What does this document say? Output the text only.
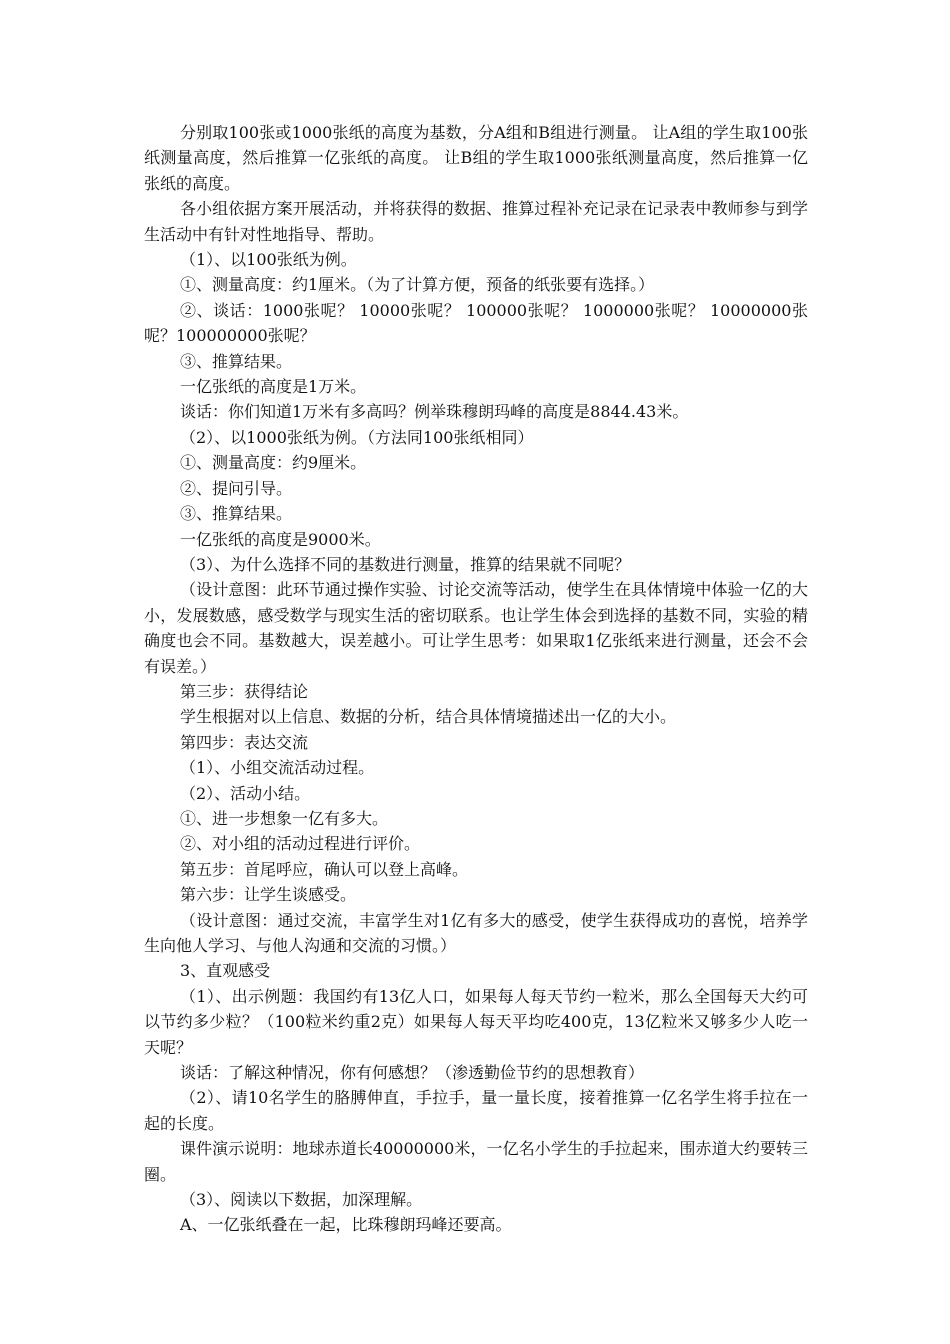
分别取100张或1000张纸的高度为基数，分A组和B组进行测量。 让A组的学生取100张纸测量高度，然后推算一亿张纸的高度。 让B组的学生取1000张纸测量高度，然后推算一亿张纸的高度。

各小组依据方案开展活动，并将获得的数据、推算过程补充记录在记录表中教师参与到学生活动中有针对性地指导、帮助。

（1）、以100张纸为例。

①、测量高度：约1厘米。（为了计算方便，预备的纸张要有选择。）

②、谈话：1000张呢？ 10000张呢？ 100000张呢？ 1000000张呢？ 10000000张呢？100000000张呢？

③、推算结果。

一亿张纸的高度是1万米。

谈话：你们知道1万米有多高吗？例举珠穆朗玛峰的高度是8844.43米。

（2）、以1000张纸为例。（方法同100张纸相同）

①、测量高度：约9厘米。

②、提问引导。

③、推算结果。

一亿张纸的高度是9000米。

（3）、为什么选择不同的基数进行测量，推算的结果就不同呢？

（设计意图：此环节通过操作实验、讨论交流等活动，使学生在具体情境中体验一亿的大小，发展数感，感受数学与现实生活的密切联系。也让学生体会到选择的基数不同，实验的精确度也会不同。基数越大，误差越小。可让学生思考：如果取1亿张纸来进行测量，还会不会有误差。）

第三步：获得结论

学生根据对以上信息、数据的分析，结合具体情境描述出一亿的大小。

第四步：表达交流

（1）、小组交流活动过程。

（2）、活动小结。

①、进一步想象一亿有多大。

②、对小组的活动过程进行评价。

第五步：首尾呼应，确认可以登上高峰。

第六步：让学生谈感受。

（设计意图：通过交流，丰富学生对1亿有多大的感受，使学生获得成功的喜悦，培养学生向他人学习、与他人沟通和交流的习惯。）

3、直观感受

（1）、出示例题：我国约有13亿人口，如果每人每天节约一粒米，那么全国每天大约可以节约多少粒？（100粒米约重2克）如果每人每天平均吃400克，13亿粒米又够多少人吃一天呢？

谈话：了解这种情况，你有何感想？（渗透勤俭节约的思想教育）

（2）、请10名学生的胳膊伸直，手拉手，量一量长度，接着推算一亿名学生将手拉在一起的长度。

课件演示说明：地球赤道长40000000米，一亿名小学生的手拉起来，围赤道大约要转三圈。

（3）、阅读以下数据，加深理解。

A、一亿张纸叠在一起，比珠穆朗玛峰还要高。
